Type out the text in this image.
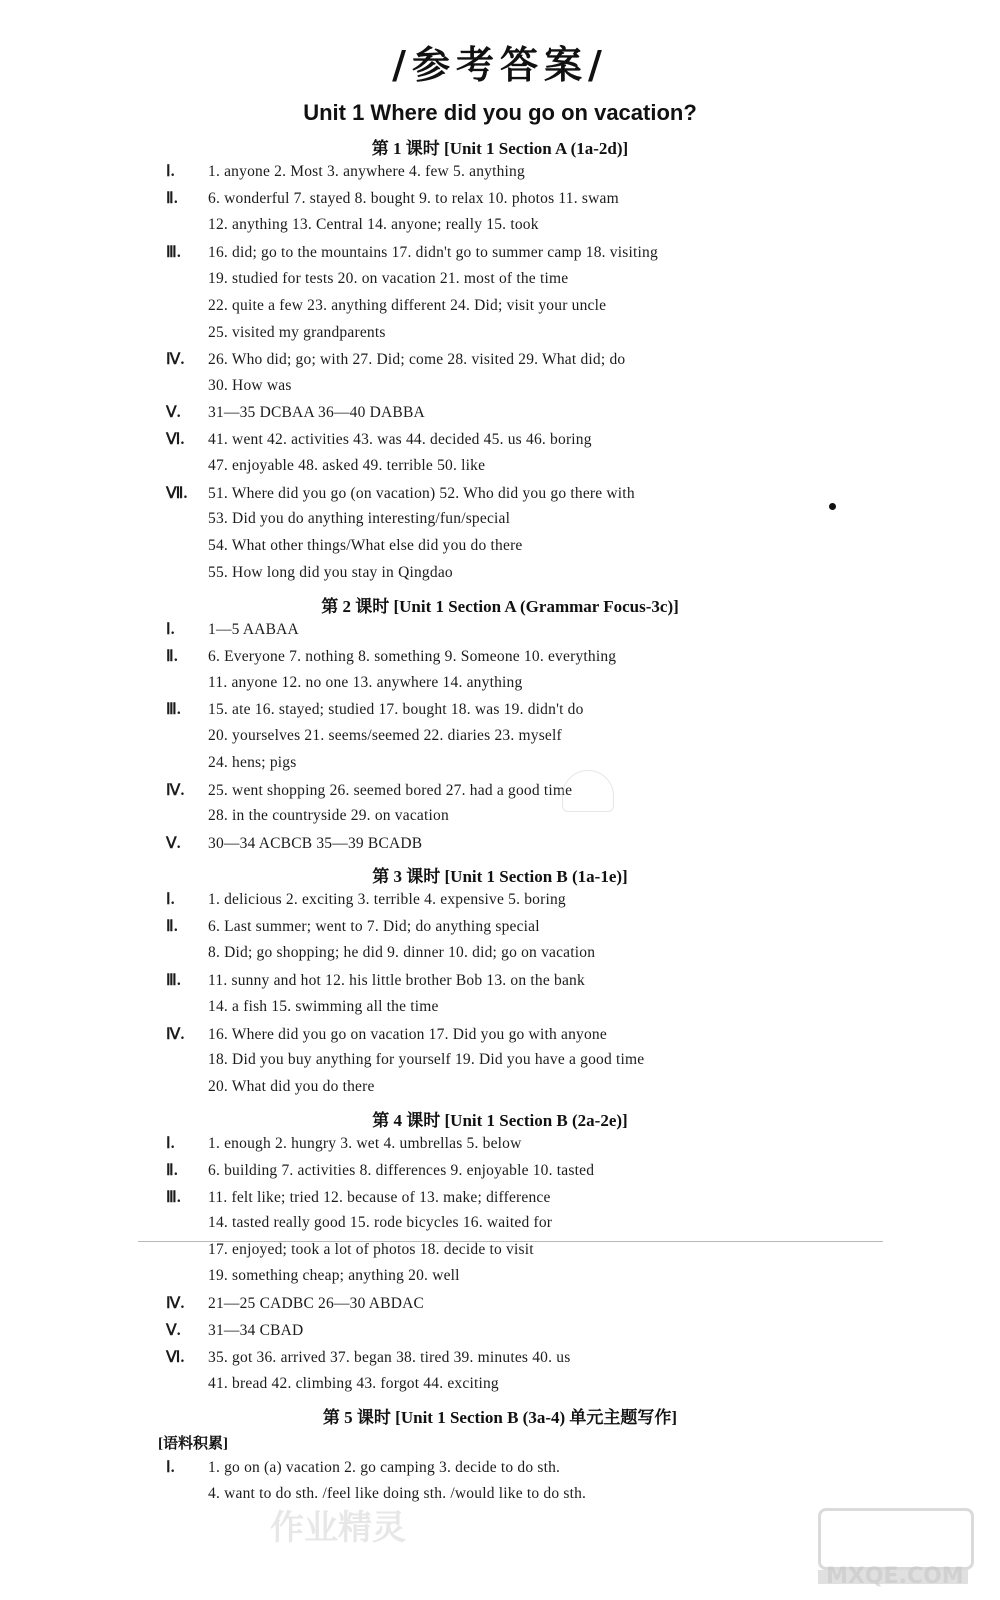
/参考答案/
Unit 1 Where did you go on vacation?
第 1 课时 [Unit 1 Section A (1a-2d)]
Ⅰ. 1. anyone 2. Most 3. anywhere 4. few 5. anything
Ⅱ. 6. wonderful 7. stayed 8. bought 9. to relax 10. photos 11. swam
12. anything 13. Central 14. anyone; really 15. took
Ⅲ. 16. did; go to the mountains 17. didn't go to summer camp 18. visiting
19. studied for tests 20. on vacation 21. most of the time
22. quite a few 23. anything different 24. Did; visit your uncle
25. visited my grandparents
Ⅳ. 26. Who did; go; with 27. Did; come 28. visited 29. What did; do
30. How was
Ⅴ. 31—35 DCBAA 36—40 DABBA
Ⅵ. 41. went 42. activities 43. was 44. decided 45. us 46. boring
47. enjoyable 48. asked 49. terrible 50. like
Ⅶ. 51. Where did you go (on vacation) 52. Who did you go there with
53. Did you do anything interesting/fun/special
54. What other things/What else did you do there
55. How long did you stay in Qingdao
第 2 课时 [Unit 1 Section A (Grammar Focus-3c)]
Ⅰ. 1—5 AABAA
Ⅱ. 6. Everyone 7. nothing 8. something 9. Someone 10. everything
11. anyone 12. no one 13. anywhere 14. anything
Ⅲ. 15. ate 16. stayed; studied 17. bought 18. was 19. didn't do
20. yourselves 21. seems/seemed 22. diaries 23. myself
24. hens; pigs
Ⅳ. 25. went shopping 26. seemed bored 27. had a good time
28. in the countryside 29. on vacation
Ⅴ. 30—34 ACBCB 35—39 BCADB
第 3 课时 [Unit 1 Section B (1a-1e)]
Ⅰ. 1. delicious 2. exciting 3. terrible 4. expensive 5. boring
Ⅱ. 6. Last summer; went to 7. Did; do anything special
8. Did; go shopping; he did 9. dinner 10. did; go on vacation
Ⅲ. 11. sunny and hot 12. his little brother Bob 13. on the bank
14. a fish 15. swimming all the time
Ⅳ. 16. Where did you go on vacation 17. Did you go with anyone
18. Did you buy anything for yourself 19. Did you have a good time
20. What did you do there
第 4 课时 [Unit 1 Section B (2a-2e)]
Ⅰ. 1. enough 2. hungry 3. wet 4. umbrellas 5. below
Ⅱ. 6. building 7. activities 8. differences 9. enjoyable 10. tasted
Ⅲ. 11. felt like; tried 12. because of 13. make; difference
14. tasted really good 15. rode bicycles 16. waited for
17. enjoyed; took a lot of photos 18. decide to visit
19. something cheap; anything 20. well
Ⅳ. 21—25 CADBC 26—30 ABDAC
Ⅴ. 31—34 CBAD
Ⅵ. 35. got 36. arrived 37. began 38. tired 39. minutes 40. us
41. bread 42. climbing 43. forgot 44. exciting
第 5 课时 [Unit 1 Section B (3a-4) 单元主题写作]
[语料积累]
Ⅰ. 1. go on (a) vacation 2. go camping 3. decide to do sth.
4. want to do sth. /feel like doing sth. /would like to do sth.
作业精灵
MXQE.COM
